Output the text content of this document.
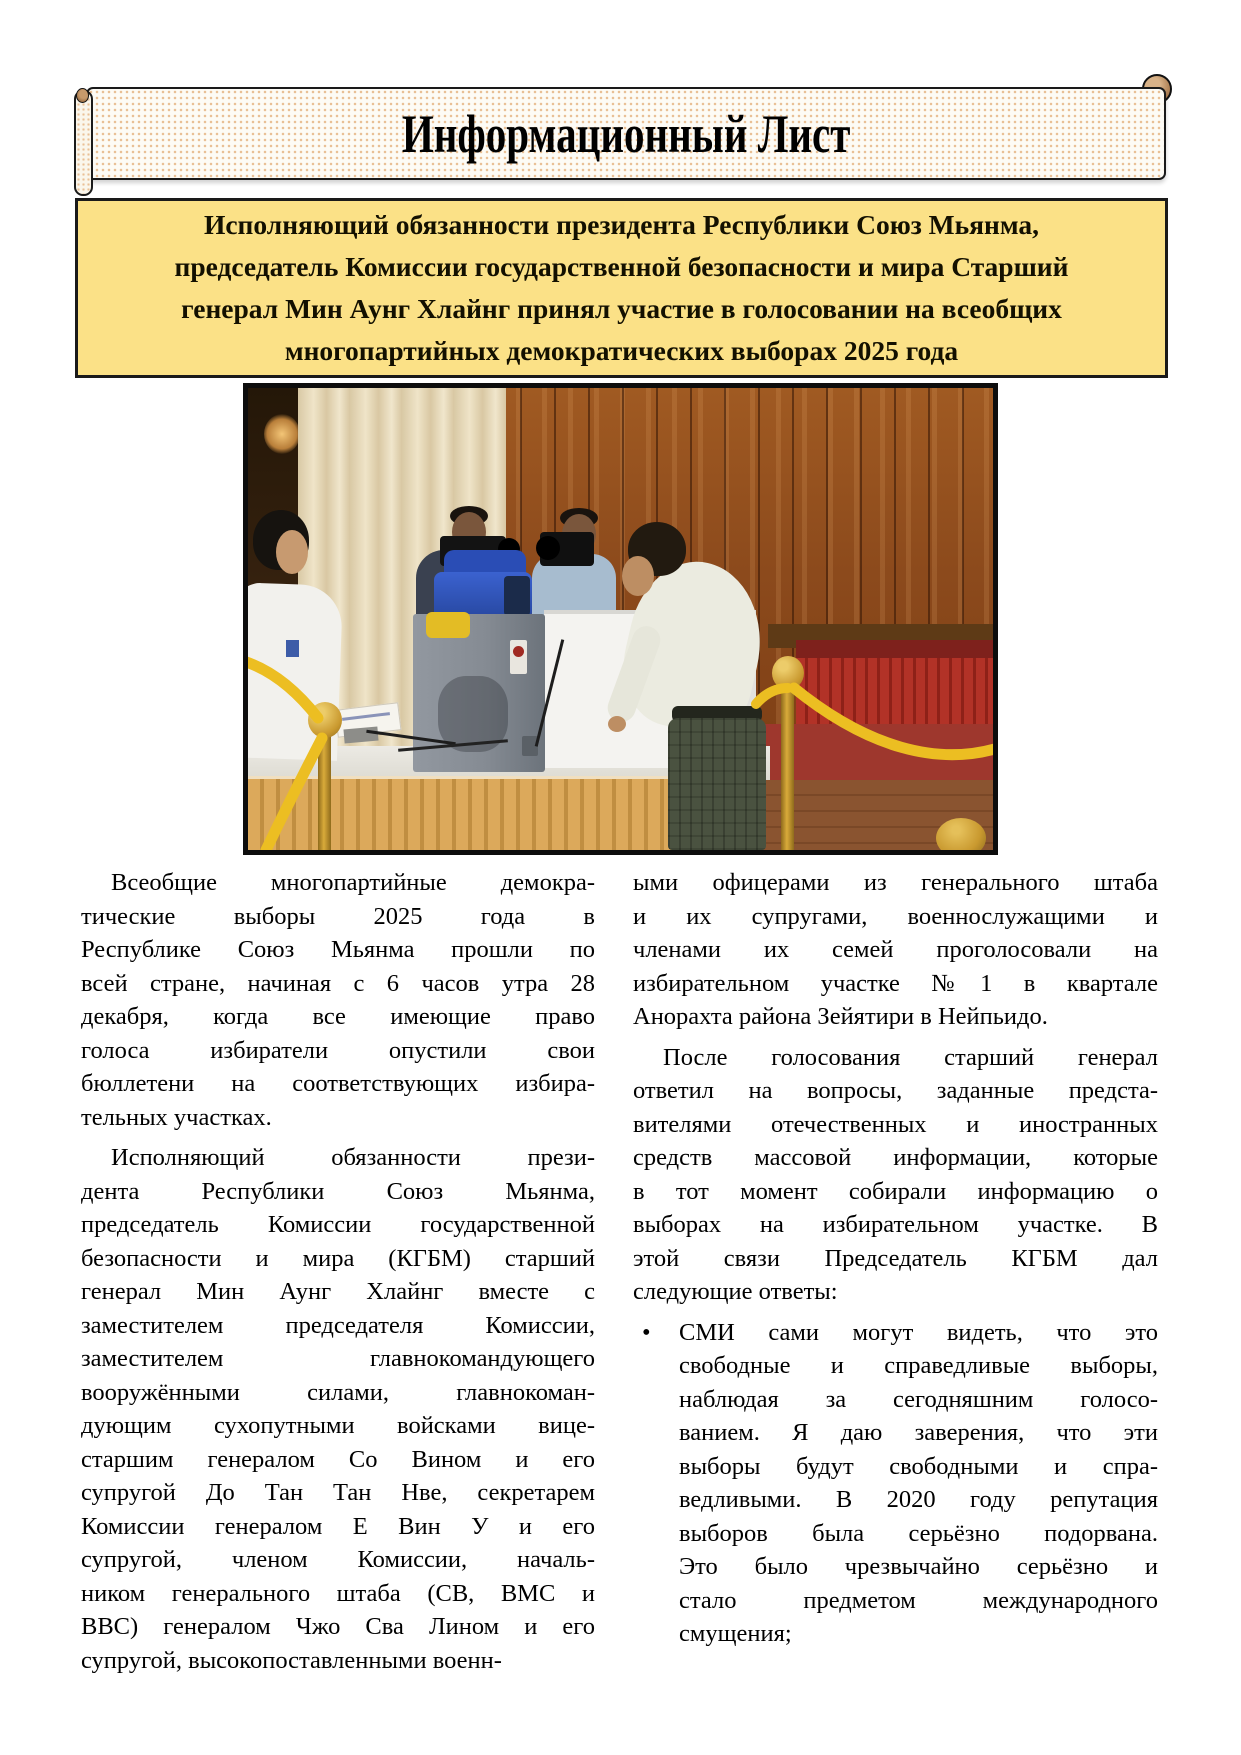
Информационный Лист
Исполняющий обязанности президента Республики Союз Мьянма,
председатель Комиссии государственной безопасности и мира Старший
генерал Мин Аунг Хлайнг принял участие в голосовании на всеобщих
многопартийных демократических выборах 2025 года
Всеобщие многопартийные демокра-
тические выборы 2025 года в
Республике Союз Мьянма прошли по
всей стране, начиная с 6 часов утра 28
декабря, когда все имеющие право
голоса избиратели опустили свои
бюллетени на соответствующих избира-
тельных участках.
Исполняющий обязанности прези-
дента Республики Союз Мьянма,
председатель Комиссии государственной
безопасности и мира (КГБМ) старший
генерал Мин Аунг Хлайнг вместе с
заместителем председателя Комиссии,
заместителем главнокомандующего
вооружёнными силами, главнокоман-
дующим сухопутными войсками вице-
старшим генералом Со Вином и его
супругой До Тан Тан Нве, секретарем
Комиссии генералом Е Вин У и его
супругой, членом Комиссии, началь-
ником генерального штаба (СВ, ВМС и
ВВС) генералом Чжо Сва Лином и его
супругой, высокопоставленными военн-
ыми офицерами из генерального штаба
и их супругами, военнослужащими и
членами их семей проголосовали на
избирательном участке №1 в квартале
Анорахта района Зейятири в Нейпьидо.
После голосования старший генерал
ответил на вопросы, заданные предста-
вителями отечественных и иностранных
средств массовой информации, которые
в тот момент собирали информацию о
выборах на избирательном участке. В
этой связи Председатель КГБМ дал
следующие ответы:
• СМИ сами могут видеть, что это
свободные и справедливые выборы,
наблюдая за сегодняшним голосо-
ванием. Я даю заверения, что эти
выборы будут свободными и спра-
ведливыми. В 2020 году репутация
выборов была серьёзно подорвана.
Это было чрезвычайно серьёзно и
стало предметом международного
смущения;
